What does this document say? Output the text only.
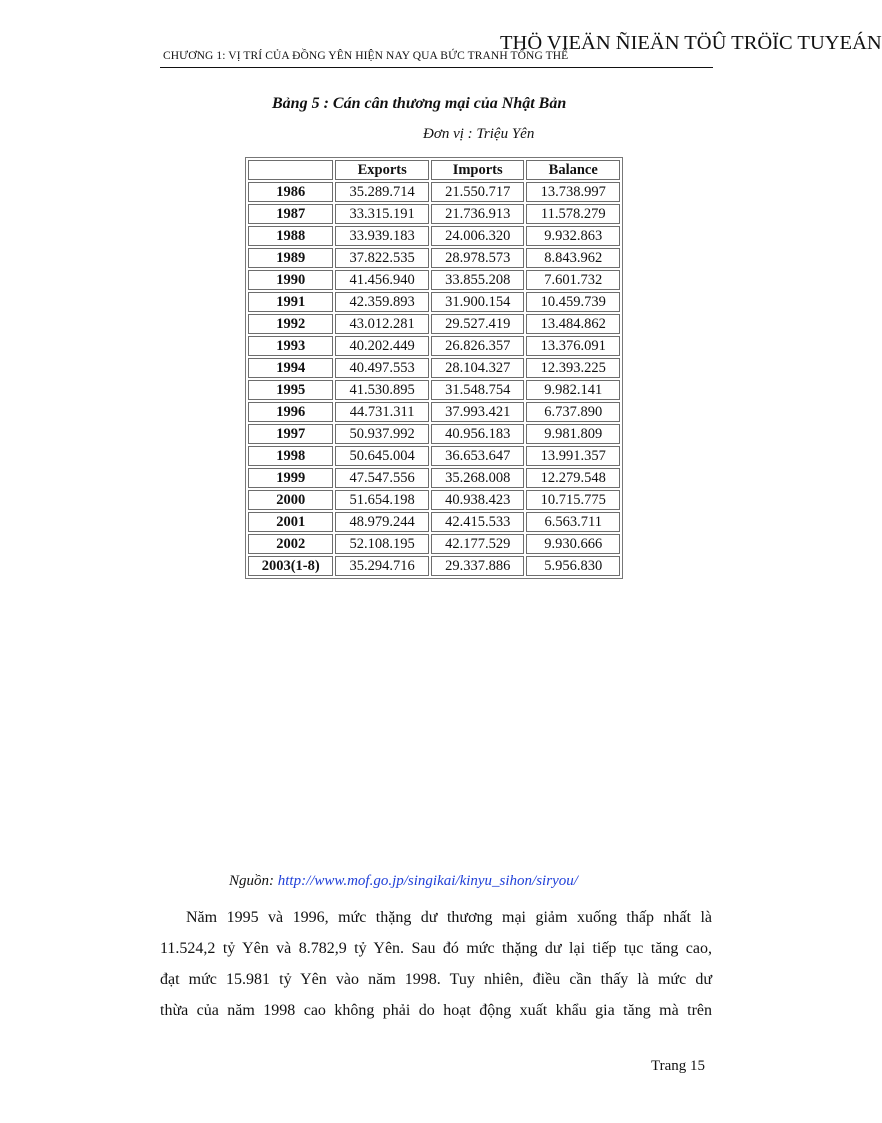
THÖ VIEÄN ÑIEÄN TÖÛ TRÖÏC TUYEÁN
CHƯƠNG 1: VỊ TRÍ CỦA ĐỒNG YÊN HIỆN NAY QUA BỨC TRANH TỔNG THỂ
Bảng 5 : Cán cân thương mại của Nhật Bản
Đơn vị : Triệu Yên
	Exports	Imports	Balance
1986	35.289.714	21.550.717	13.738.997
1987	33.315.191	21.736.913	11.578.279
1988	33.939.183	24.006.320	9.932.863
1989	37.822.535	28.978.573	8.843.962
1990	41.456.940	33.855.208	7.601.732
1991	42.359.893	31.900.154	10.459.739
1992	43.012.281	29.527.419	13.484.862
1993	40.202.449	26.826.357	13.376.091
1994	40.497.553	28.104.327	12.393.225
1995	41.530.895	31.548.754	9.982.141
1996	44.731.311	37.993.421	6.737.890
1997	50.937.992	40.956.183	9.981.809
1998	50.645.004	36.653.647	13.991.357
1999	47.547.556	35.268.008	12.279.548
2000	51.654.198	40.938.423	10.715.775
2001	48.979.244	42.415.533	6.563.711
2002	52.108.195	42.177.529	9.930.666
2003(1-8)	35.294.716	29.337.886	5.956.830
Nguồn: http://www.mof.go.jp/singikai/kinyu_sihon/siryou/
Năm 1995 và 1996, mức thặng dư thương mại giảm xuống thấp nhất là
11.524,2 tỷ Yên và 8.782,9 tỷ Yên. Sau đó mức thặng dư lại tiếp tục tăng cao,
đạt mức 15.981 tỷ Yên vào năm 1998. Tuy nhiên, điều cần thấy là mức dư
thừa của năm 1998 cao không phải do hoạt động xuất khẩu gia tăng mà trên
Trang 15
